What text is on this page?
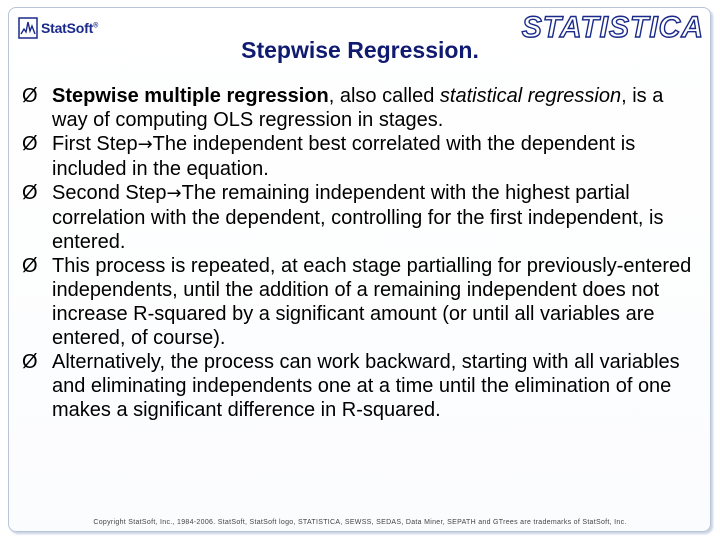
StatSoft®	STATISTICA
Stepwise Regression.
Ø Stepwise multiple regression, also called statistical regression, is a way of computing OLS regression in stages.
Ø First Step→The independent best correlated with the dependent is included in the equation.
Ø Second Step→The remaining independent with the highest partial correlation with the dependent, controlling for the first independent, is entered.
Ø This process is repeated, at each stage partialling for previously-entered independents, until the addition of a remaining independent does not increase R-squared by a significant amount (or until all variables are entered, of course).
Ø Alternatively, the process can work backward, starting with all variables and eliminating independents one at a time until the elimination of one makes a significant difference in R-squared.
Copyright StatSoft, Inc., 1984-2006. StatSoft, StatSoft logo, STATISTICA, SEWSS, SEDAS, Data Miner, SEPATH and GTrees are trademarks of StatSoft, Inc.
